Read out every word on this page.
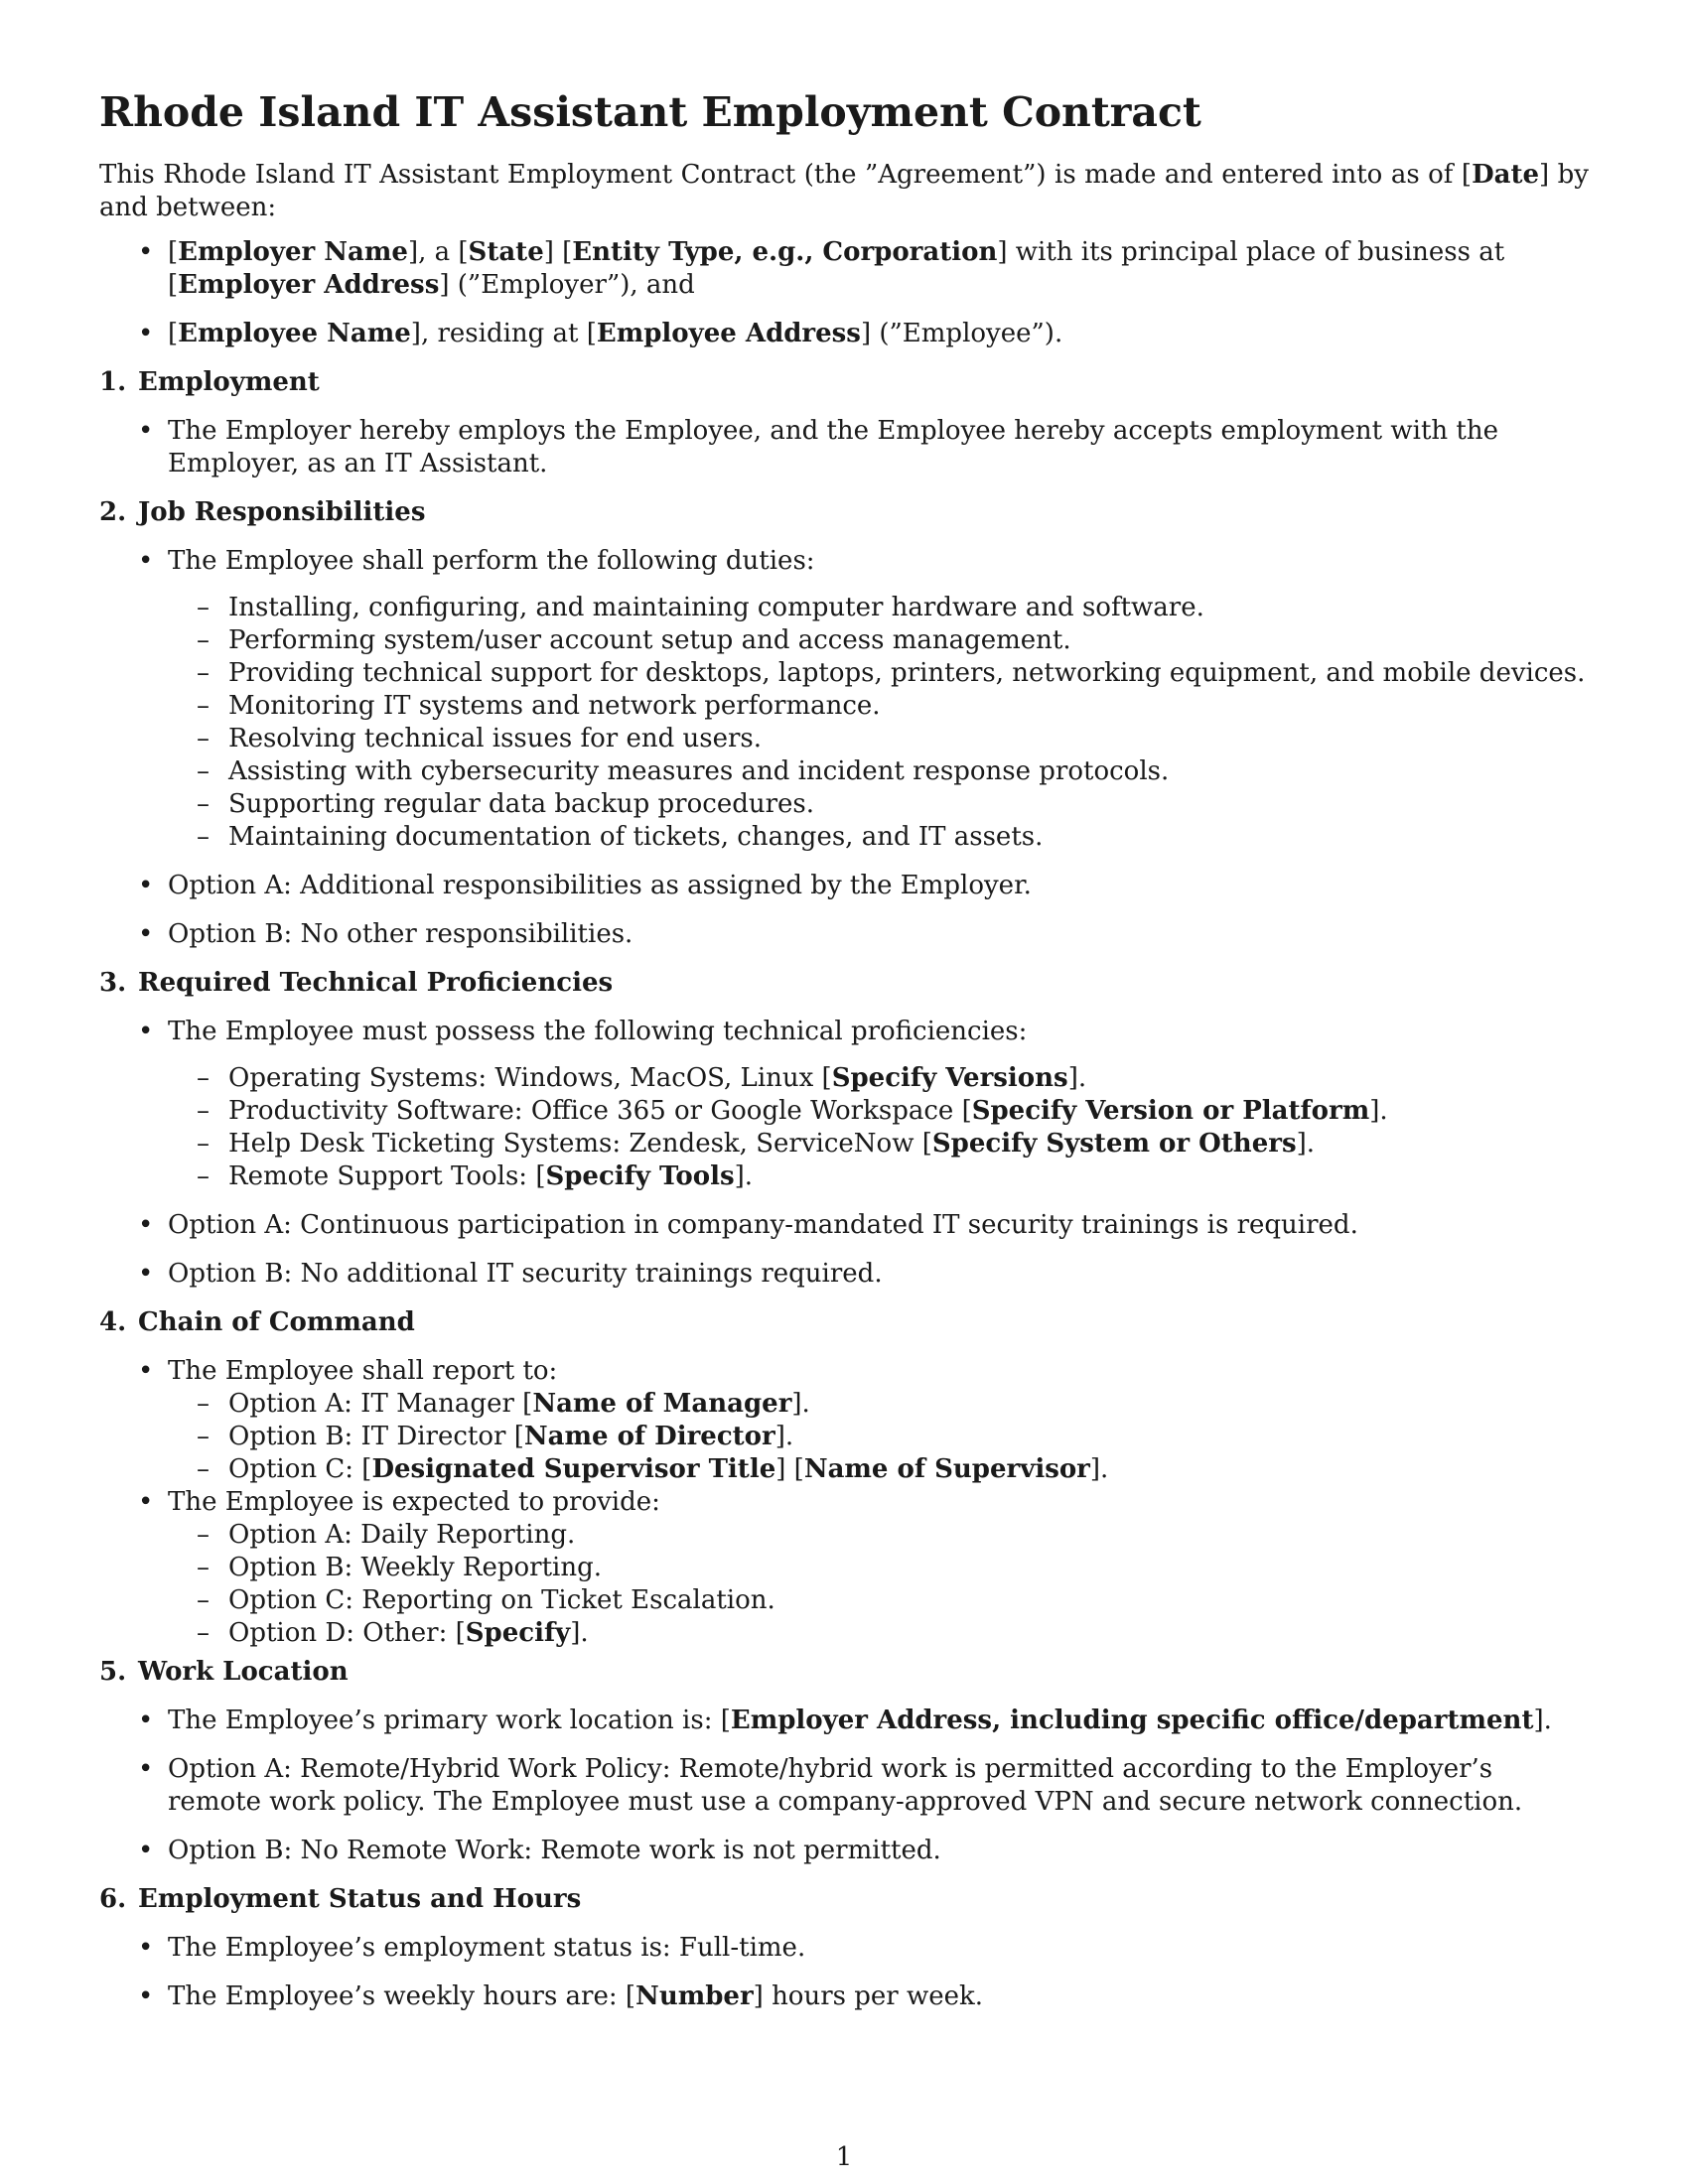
Rhode Island IT Assistant Employment Contract

This Rhode Island IT Assistant Employment Contract (the ”Agreement”) is made and entered into as of [Date] by and between:

• [Employer Name], a [State] [Entity Type, e.g., Corporation] with its principal place of business at [Employer Address] (”Employer”), and
• [Employee Name], residing at [Employee Address] (”Employee”).
1. Employment
• The Employer hereby employs the Employee, and the Employee hereby accepts employment with the Employer, as an IT Assistant.
2. Job Responsibilities
• The Employee shall perform the following duties:
– Installing, configuring, and maintaining computer hardware and software.
– Performing system/user account setup and access management.
– Providing technical support for desktops, laptops, printers, networking equipment, and mobile devices.
– Monitoring IT systems and network performance.
– Resolving technical issues for end users.
– Assisting with cybersecurity measures and incident response protocols.
– Supporting regular data backup procedures.
– Maintaining documentation of tickets, changes, and IT assets.
• Option A: Additional responsibilities as assigned by the Employer.
• Option B: No other responsibilities.
3. Required Technical Proficiencies
• The Employee must possess the following technical proficiencies:
– Operating Systems: Windows, MacOS, Linux [Specify Versions].
– Productivity Software: Office 365 or Google Workspace [Specify Version or Platform].
– Help Desk Ticketing Systems: Zendesk, ServiceNow [Specify System or Others].
– Remote Support Tools: [Specify Tools].
• Option A: Continuous participation in company-mandated IT security trainings is required.
• Option B: No additional IT security trainings required.
4. Chain of Command
• The Employee shall report to:
– Option A: IT Manager [Name of Manager].
– Option B: IT Director [Name of Director].
– Option C: [Designated Supervisor Title] [Name of Supervisor].
• The Employee is expected to provide:
– Option A: Daily Reporting.
– Option B: Weekly Reporting.
– Option C: Reporting on Ticket Escalation.
– Option D: Other: [Specify].
5. Work Location
• The Employee’s primary work location is: [Employer Address, including specific office/department].
• Option A: Remote/Hybrid Work Policy: Remote/hybrid work is permitted according to the Employer’s remote work policy. The Employee must use a company-approved VPN and secure network connection.
• Option B: No Remote Work: Remote work is not permitted.
6. Employment Status and Hours
• The Employee’s employment status is: Full-time.
• The Employee’s weekly hours are: [Number] hours per week.
1
